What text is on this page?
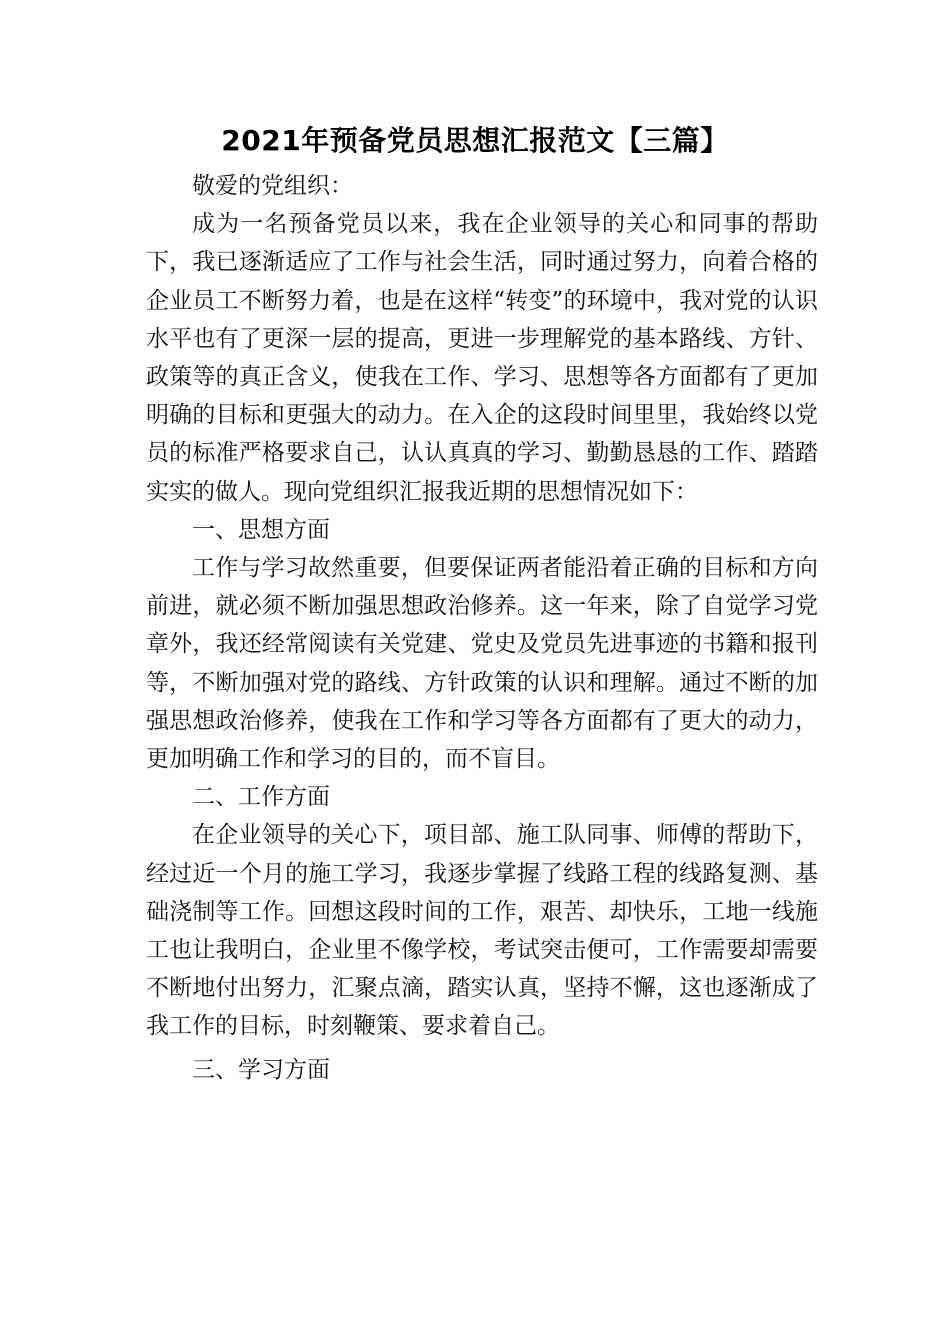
2021年预备党员思想汇报范文【三篇】

敬爱的党组织：

成为一名预备党员以来，我在企业领导的关心和同事的帮助下，我已逐渐适应了工作与社会生活，同时通过努力，向着合格的企业员工不断努力着，也是在这样“转变”的环境中，我对党的认识水平也有了更深一层的提高，更进一步理解党的基本路线、方针、政策等的真正含义，使我在工作、学习、思想等各方面都有了更加明确的目标和更强大的动力。在入企的这段时间里里，我始终以党员的标准严格要求自己，认认真真的学习、勤勤恳恳的工作、踏踏实实的做人。现向党组织汇报我近期的思想情况如下：

一、思想方面

工作与学习故然重要，但要保证两者能沿着正确的目标和方向前进，就必须不断加强思想政治修养。这一年来，除了自觉学习党章外，我还经常阅读有关党建、党史及党员先进事迹的书籍和报刊等，不断加强对党的路线、方针政策的认识和理解。通过不断的加强思想政治修养，使我在工作和学习等各方面都有了更大的动力，更加明确工作和学习的目的，而不盲目。

二、工作方面

在企业领导的关心下，项目部、施工队同事、师傅的帮助下，经过近一个月的施工学习，我逐步掌握了线路工程的线路复测、基础浇制等工作。回想这段时间的工作，艰苦、却快乐，工地一线施工也让我明白，企业里不像学校，考试突击便可，工作需要却需要不断地付出努力，汇聚点滴，踏实认真，坚持不懈，这也逐渐成了我工作的目标，时刻鞭策、要求着自己。

三、学习方面
